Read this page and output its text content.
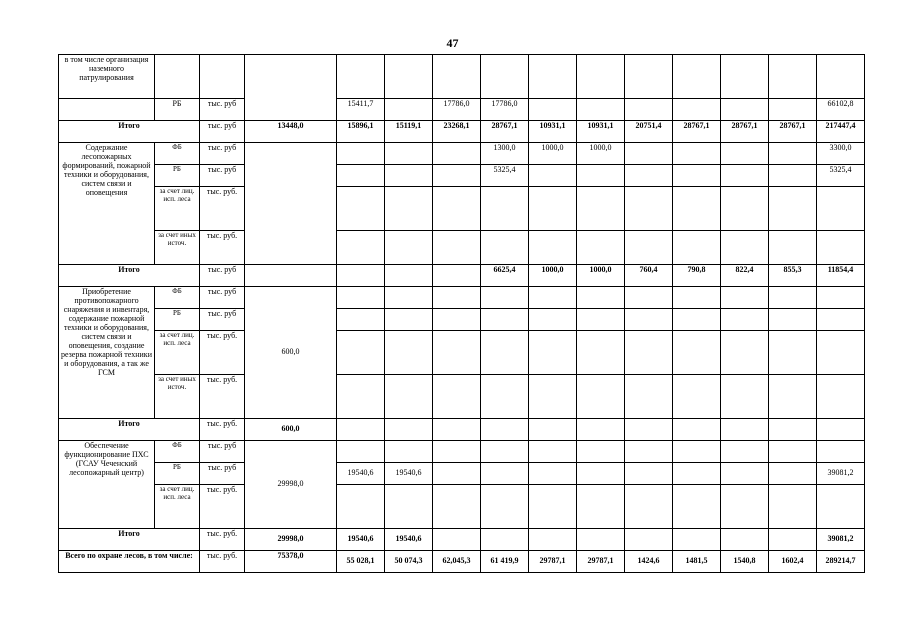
47
в том числе организация наземного патрулирования														
	РБ	тыс. руб		15411,7		17786,0	17786,0							66102,8
Итого		тыс. руб	13448,0	15896,1	15119,1	23268,1	28767,1	10931,1	10931,1	20751,4	28767,1	28767,1	28767,1	217447,4
Содержание лесопожарных формирований, пожарной техники и оборудования, систем связи и оповещения	ФБ	тыс. руб					1300,0	1000,0	1000,0					3300,0
	РБ	тыс. руб					5325,4							5325,4
	за счет лиц. исп. леса	тыс. руб.												
	за счет иных источ.	тыс. руб.												
Итого		тыс. руб					6625,4	1000,0	1000,0	760,4	790,8	822,4	855,3	11854,4
Приобретение противопожарного снаряжения и инвентаря, содержание пожарной техники и оборудования, систем связи и оповещения, создание резерва пожарной техники и оборудования, а так же ГСМ	ФБ	тыс. руб	600,0											
	РБ	тыс. руб												
	за счет лиц. исп. леса	тыс. руб.												
	за счет иных источ.	тыс. руб.												
Итого		тыс. руб.	600,0											
Обеспечение функционирование ПХС (ГСАУ Чеченский лесопожарный центр)	ФБ	тыс. руб	29998,0											
	РБ	тыс. руб		19540,6	19540,6									39081,2
	за счет лиц. исп. леса	тыс. руб.												
Итого		тыс. руб.	29998,0	19540,6	19540,6									39081,2
Всего по охране лесов, в том числе:		тыс. руб.	75378,0	55 028,1	50 074,3	62,045,3	61 419,9	29787,1	29787,1	1424,6	1481,5	1540,8	1602,4	289214,7
